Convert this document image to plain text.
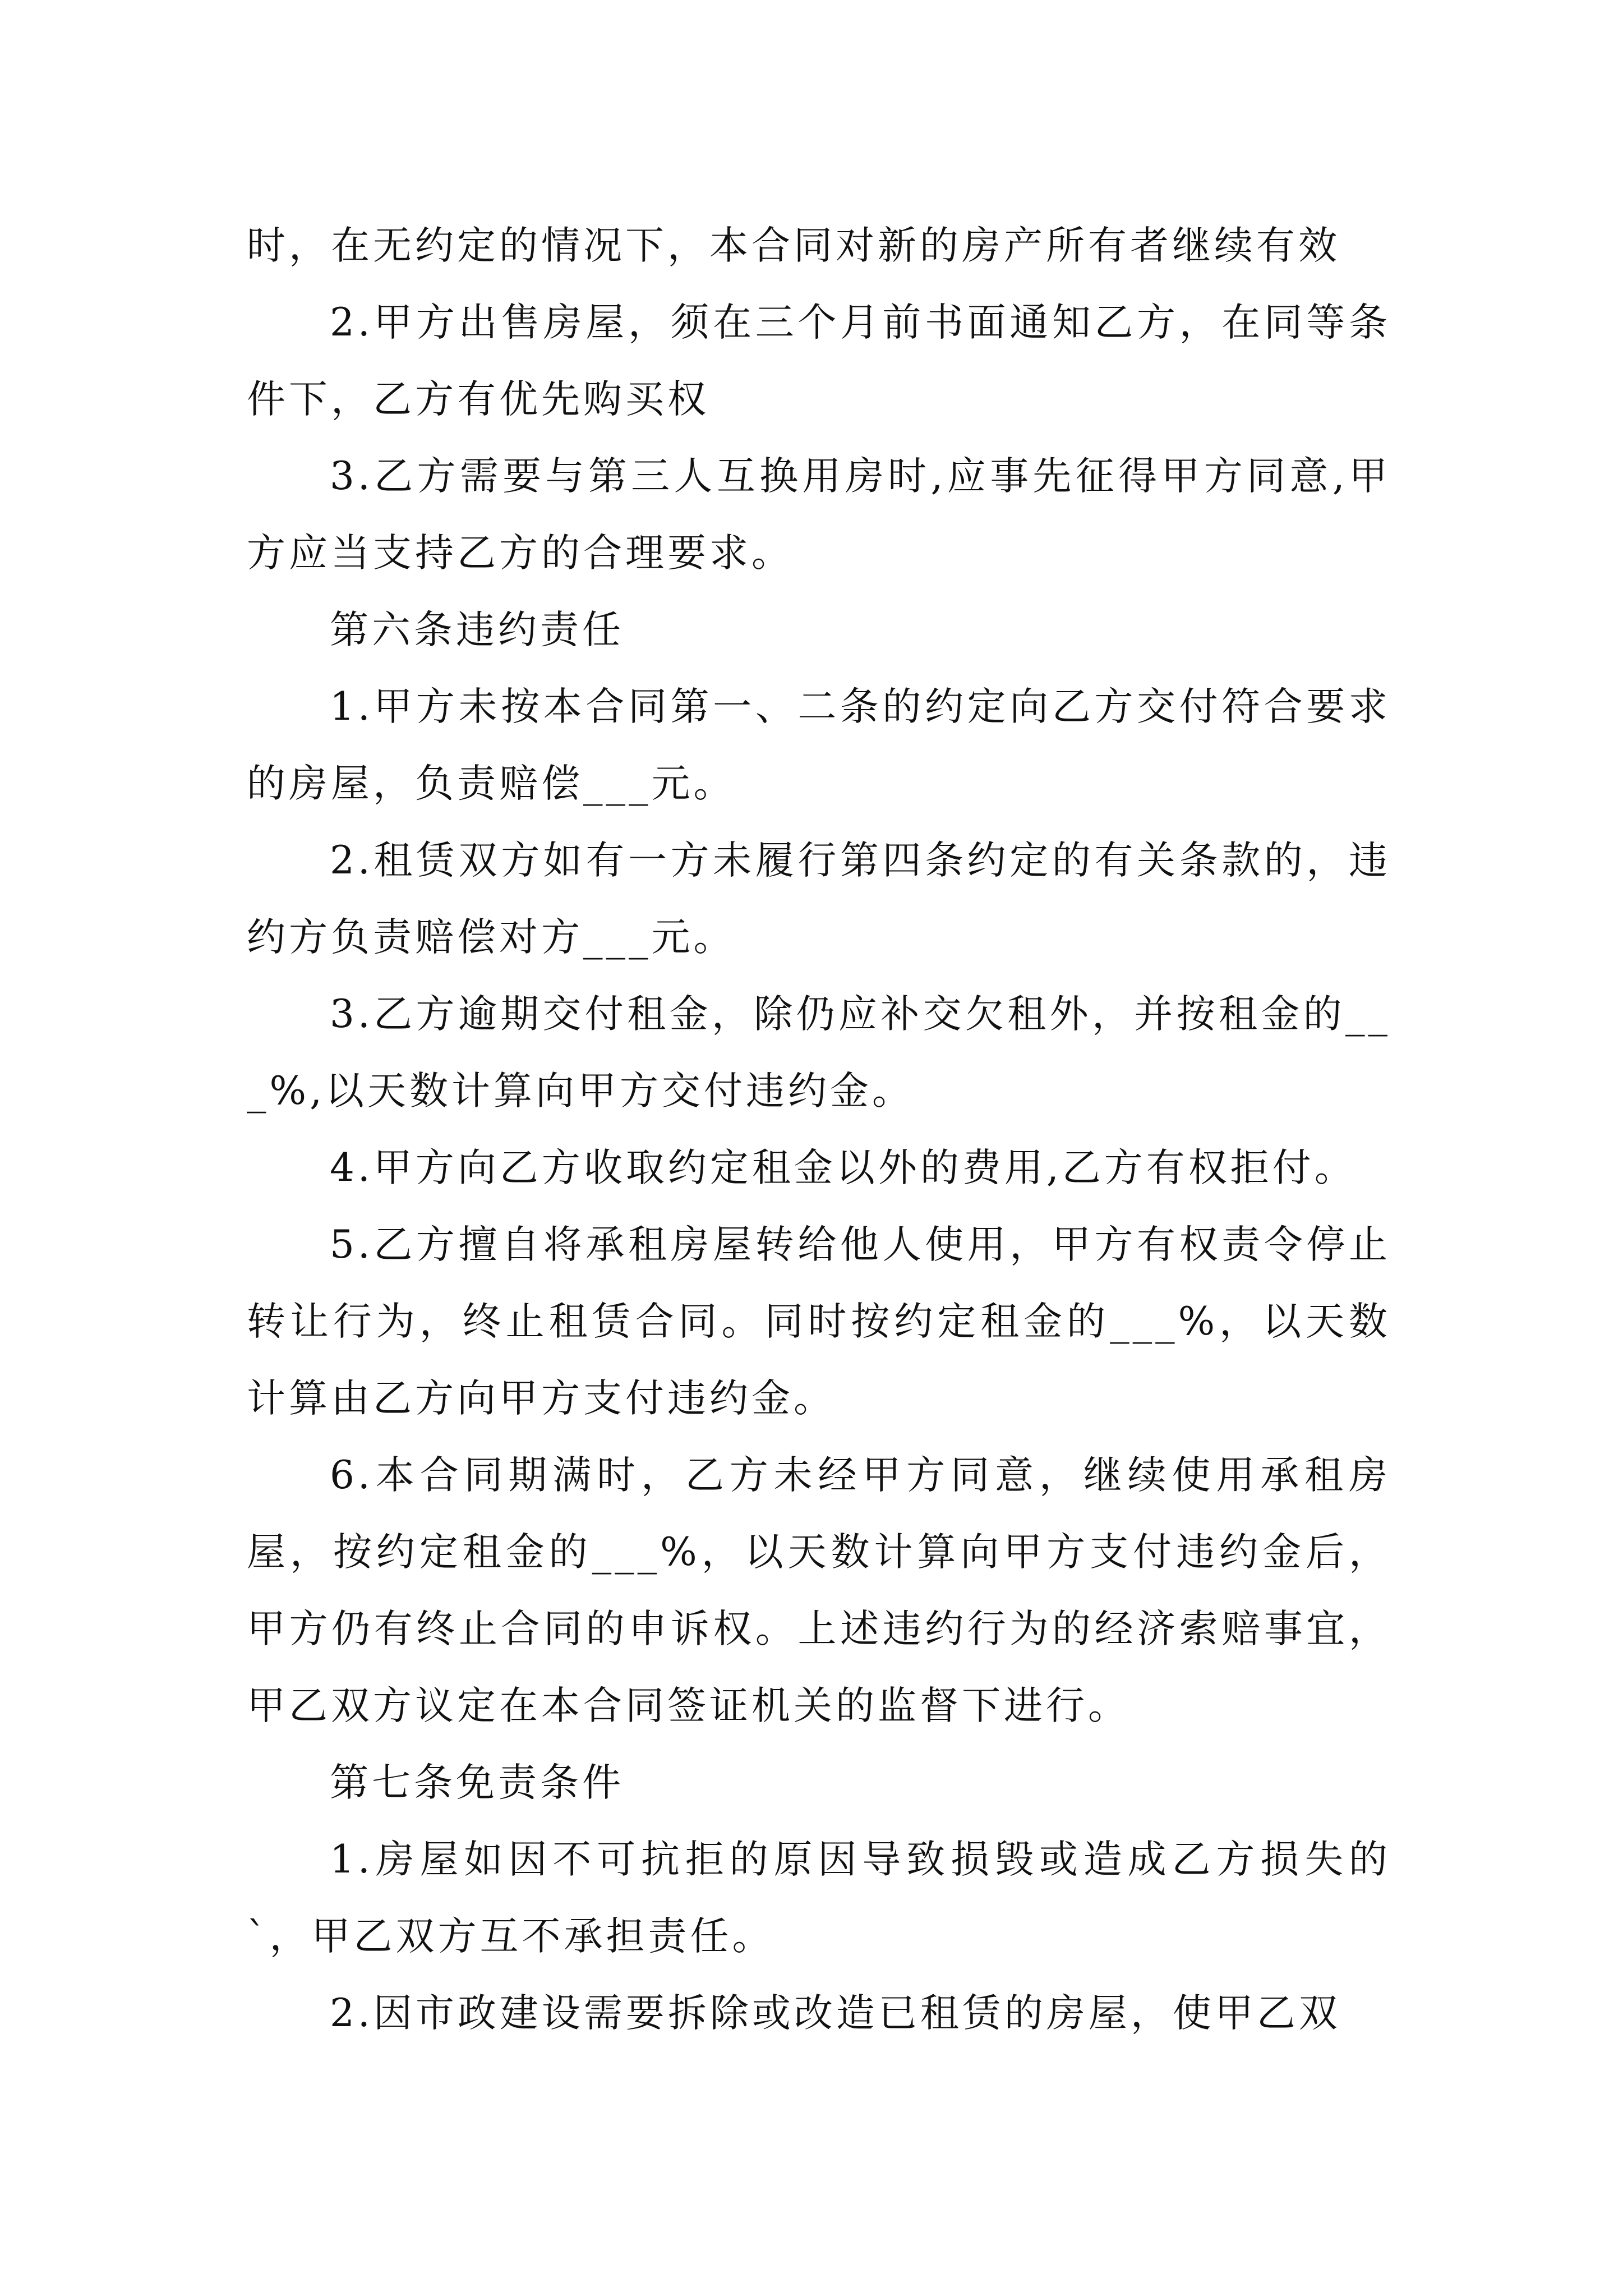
时，在无约定的情况下，本合同对新的房产所有者继续有效

2.甲方出售房屋，须在三个月前书面通知乙方，在同等条件下，乙方有优先购买权

3.乙方需要与第三人互换用房时,应事先征得甲方同意,甲方应当支持乙方的合理要求。

第六条违约责任

1.甲方未按本合同第一、二条的约定向乙方交付符合要求的房屋，负责赔偿___元。

2.租赁双方如有一方未履行第四条约定的有关条款的，违约方负责赔偿对方___元。

3.乙方逾期交付租金，除仍应补交欠租外，并按租金的___%,以天数计算向甲方交付违约金。

4.甲方向乙方收取约定租金以外的费用,乙方有权拒付。

5.乙方擅自将承租房屋转给他人使用，甲方有权责令停止转让行为，终止租赁合同。同时按约定租金的___%，以天数计算由乙方向甲方支付违约金。

6.本合同期满时，乙方未经甲方同意，继续使用承租房屋，按约定租金的___%，以天数计算向甲方支付违约金后，甲方仍有终止合同的申诉权。上述违约行为的经济索赔事宜，甲乙双方议定在本合同签证机关的监督下进行。

第七条免责条件

1.房屋如因不可抗拒的原因导致损毁或造成乙方损失的`，甲乙双方互不承担责任。

2.因市政建设需要拆除或改造已租赁的房屋，使甲乙双
